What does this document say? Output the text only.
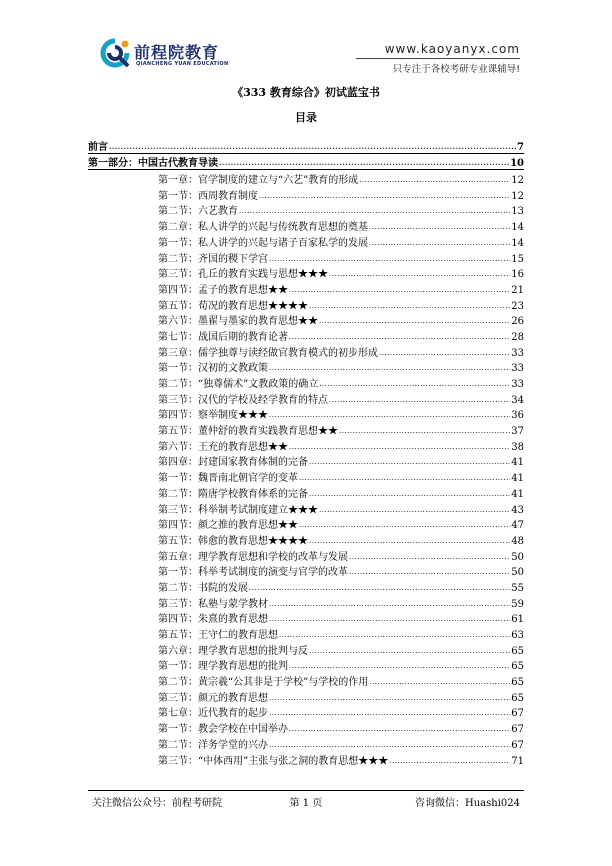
前程院教育
QIANCHENG YUAN EDUCATION
www.kaoyanyx.com
只专注于各校考研专业课辅导!
《333 教育综合》初试蓝宝书
目录
前言 .....	7
第一部分：中国古代教育导读 .....	10
第一章：官学制度的建立与“六艺”教育的形成 .....	12
第一节：西周教育制度 .....	12
第二节：六艺教育 .....	13
第二章：私人讲学的兴起与传统教育思想的奠基 .....	14
第一节：私人讲学的兴起与诸子百家私学的发展 .....	14
第二节：齐国的稷下学宫 .....	15
第三节：孔丘的教育实践与思想★★★ .....	16
第四节：孟子的教育思想★★ .....	21
第五节：荀况的教育思想★★★★ .....	23
第六节：墨翟与墨家的教育思想★★ .....	26
第七节：战国后期的教育论著 .....	28
第三章：儒学独尊与读经做官教育模式的初步形成 .....	33
第一节：汉初的文教政策 .....	33
第二节：“独尊儒术”文教政策的确立 .....	33
第三节：汉代的学校及经学教育的特点 .....	34
第四节：察举制度★★★ .....	36
第五节：董仲舒的教育实践教育思想★★ .....	37
第六节：王充的教育思想★★ .....	38
第四章：封建国家教育体制的完备 .....	41
第一节：魏晋南北朝官学的变革 .....	41
第二节：隋唐学校教育体系的完备 .....	41
第三节：科举制考试制度建立★★★ .....	43
第四节：颜之推的教育思想★★ .....	47
第五节：韩愈的教育思想★★★★ .....	48
第五章：理学教育思想和学校的改革与发展 .....	50
第一节：科举考试制度的演变与官学的改革 .....	50
第二节：书院的发展 .....	55
第三节：私塾与蒙学教材 .....	59
第四节：朱熹的教育思想 .....	61
第五节：王守仁的教育思想 .....	63
第六章：理学教育思想的批判与反 .....	65
第一节：理学教育思想的批判 .....	65
第二节：黄宗羲“公其非是于学校”与学校的作用 .....	65
第三节：颜元的教育思想 .....	65
第七章：近代教育的起步 .....	67
第一节：教会学校在中国举办 .....	67
第二节：洋务学堂的兴办 .....	67
第三节：“中体西用”主张与张之洞的教育思想★★★ .....	71
关注微信公众号：前程考研院	第 1 页	咨询微信：Huashi024
